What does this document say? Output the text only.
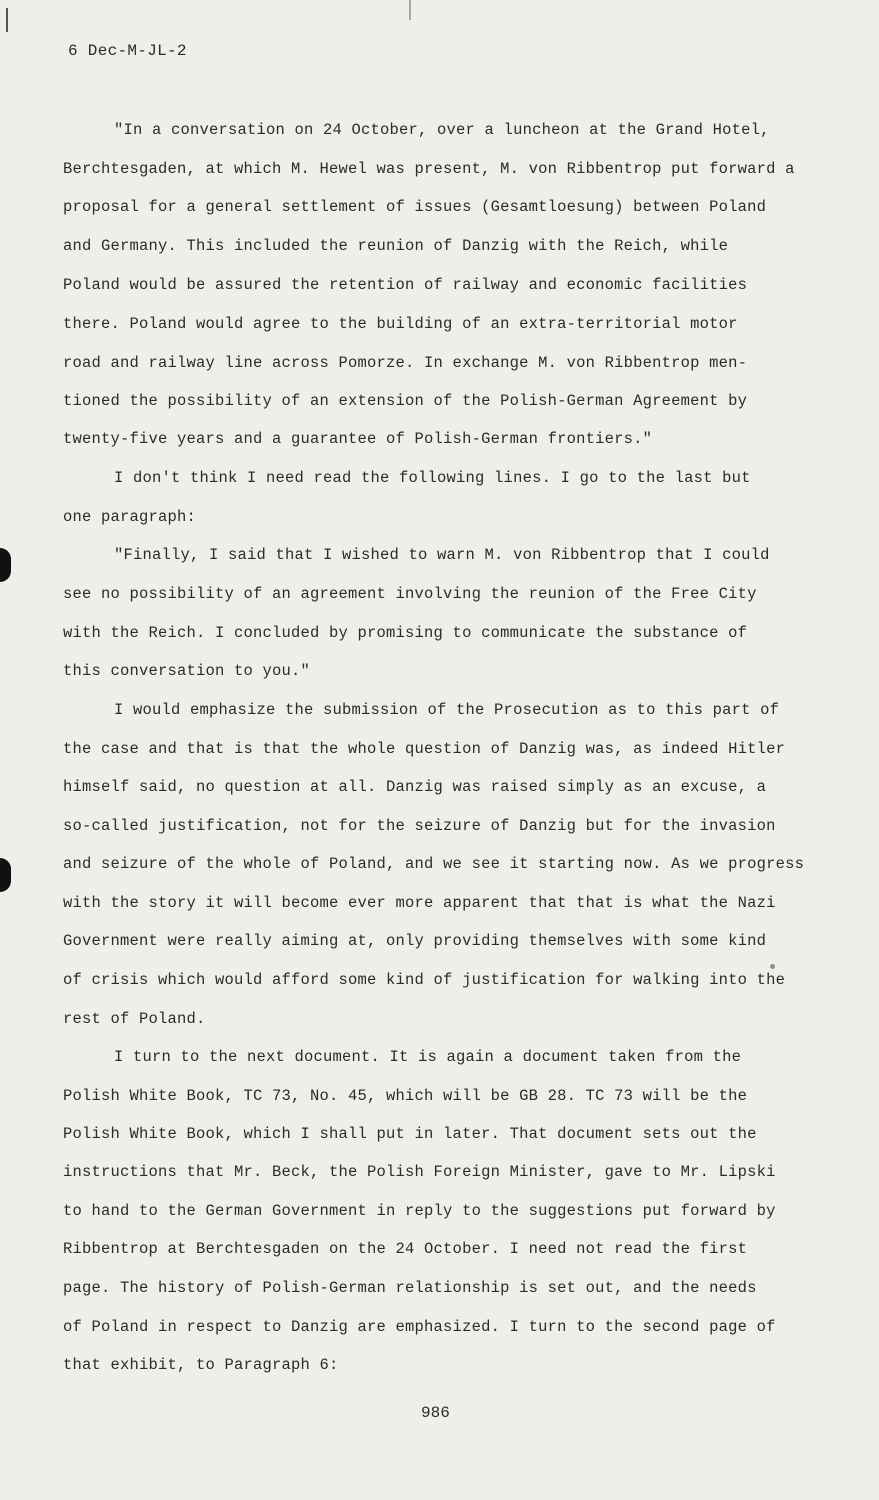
6 Dec-M-JL-2
"In a conversation on 24 October, over a luncheon at the Grand Hotel,
Berchtesgaden, at which M. Hewel was present, M. von Ribbentrop put forward a
proposal for a general settlement of issues (Gesamtloesung) between Poland
and Germany. This included the reunion of Danzig with the Reich, while
Poland would be assured the retention of railway and economic facilities
there. Poland would agree to the building of an extra-territorial motor
road and railway line across Pomorze. In exchange M. von Ribbentrop men-
tioned the possibility of an extension of the Polish-German Agreement by
twenty-five years and a guarantee of Polish-German frontiers."
I don't think I need read the following lines. I go to the last but
one paragraph:
"Finally, I said that I wished to warn M. von Ribbentrop that I could
see no possibility of an agreement involving the reunion of the Free City
with the Reich. I concluded by promising to communicate the substance of
this conversation to you."
I would emphasize the submission of the Prosecution as to this part of
the case and that is that the whole question of Danzig was, as indeed Hitler
himself said, no question at all. Danzig was raised simply as an excuse, a
so-called justification, not for the seizure of Danzig but for the invasion
and seizure of the whole of Poland, and we see it starting now. As we progress
with the story it will become ever more apparent that that is what the Nazi
Government were really aiming at, only providing themselves with some kind
of crisis which would afford some kind of justification for walking into the
rest of Poland.
I turn to the next document. It is again a document taken from the
Polish White Book, TC 73, No. 45, which will be GB 28. TC 73 will be the
Polish White Book, which I shall put in later. That document sets out the
instructions that Mr. Beck, the Polish Foreign Minister, gave to Mr. Lipski
to hand to the German Government in reply to the suggestions put forward by
Ribbentrop at Berchtesgaden on the 24 October. I need not read the first
page. The history of Polish-German relationship is set out, and the needs
of Poland in respect to Danzig are emphasized. I turn to the second page of
that exhibit, to Paragraph 6:
986
